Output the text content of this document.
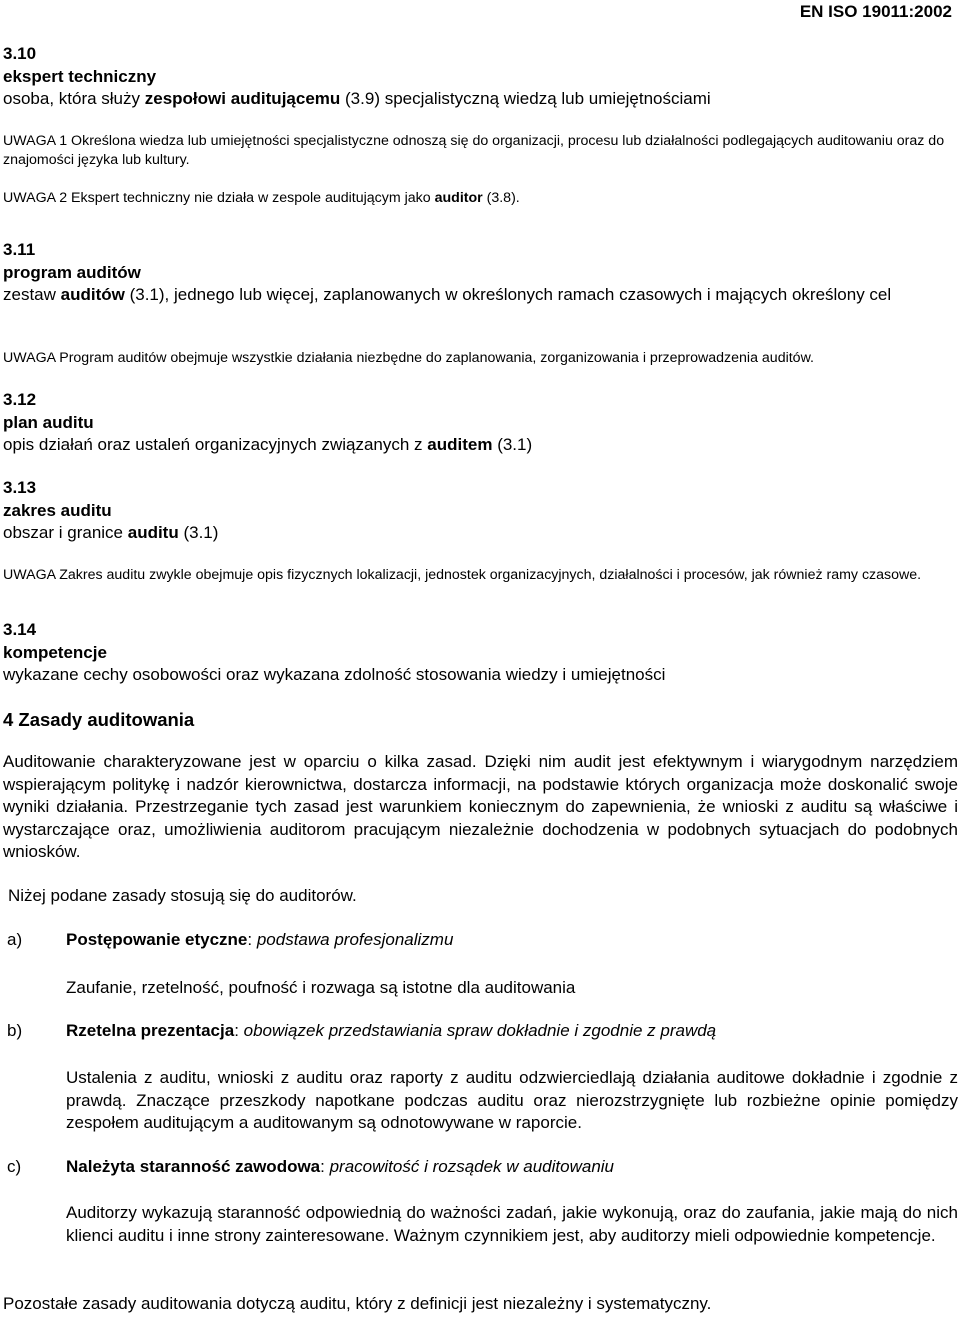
EN ISO 19011:2002
3.10
ekspert techniczny
osoba, która służy zespołowi auditującemu (3.9) specjalistyczną wiedzą lub umiejętnościami
UWAGA 1 Określona wiedza lub umiejętności specjalistyczne odnoszą się do organizacji, procesu lub działalności podlegających auditowaniu oraz do znajomości języka lub kultury.
UWAGA 2 Ekspert techniczny nie działa w zespole auditującym jako auditor (3.8).
3.11
program auditów
zestaw auditów (3.1), jednego lub więcej, zaplanowanych w określonych ramach czasowych i mających określony cel
UWAGA Program auditów obejmuje wszystkie działania niezbędne do zaplanowania, zorganizowania i przeprowadzenia auditów.
3.12
plan auditu
opis działań oraz ustaleń organizacyjnych związanych z auditem (3.1)
3.13
zakres auditu
obszar i granice auditu (3.1)
UWAGA Zakres auditu zwykle obejmuje opis fizycznych lokalizacji, jednostek organizacyjnych, działalności i procesów, jak również ramy czasowe.
3.14
kompetencje
wykazane cechy osobowości oraz wykazana zdolność stosowania wiedzy i umiejętności
4 Zasady auditowania
Auditowanie charakteryzowane jest w oparciu o kilka zasad. Dzięki nim audit jest efektywnym i wiarygodnym narzędziem wspierającym politykę i nadzór kierownictwa, dostarcza informacji, na podstawie których organizacja może doskonalić swoje wyniki działania. Przestrzeganie tych zasad jest warunkiem koniecznym do zapewnienia, że wnioski z auditu są właściwe i wystarczające oraz, umożliwienia auditorom pracującym niezależnie dochodzenia w podobnych sytuacjach do podobnych wniosków.
Niżej podane zasady stosują się do auditorów.
a)	Postępowanie etyczne: podstawa profesjonalizmu
Zaufanie, rzetelność, poufność i rozwaga są istotne dla auditowania
b)	Rzetelna prezentacja: obowiązek przedstawiania spraw dokładnie i zgodnie z prawdą
Ustalenia z auditu, wnioski z auditu oraz raporty z auditu odzwierciedlają działania auditowe dokładnie i zgodnie z prawdą. Znaczące przeszkody napotkane podczas auditu oraz nierozstrzygnięte lub rozbieżne opinie pomiędzy zespołem auditującym a auditowanym są odnotowywane w raporcie.
c)	Należyta staranność zawodowa: pracowitość i rozsądek w auditowaniu
Auditorzy wykazują staranność odpowiednią do ważności zadań, jakie wykonują, oraz do zaufania, jakie mają do nich klienci auditu i inne strony zainteresowane. Ważnym czynnikiem jest, aby auditorzy mieli odpowiednie kompetencje.
Pozostałe zasady auditowania dotyczą auditu, który z definicji jest niezależny i systematyczny.
